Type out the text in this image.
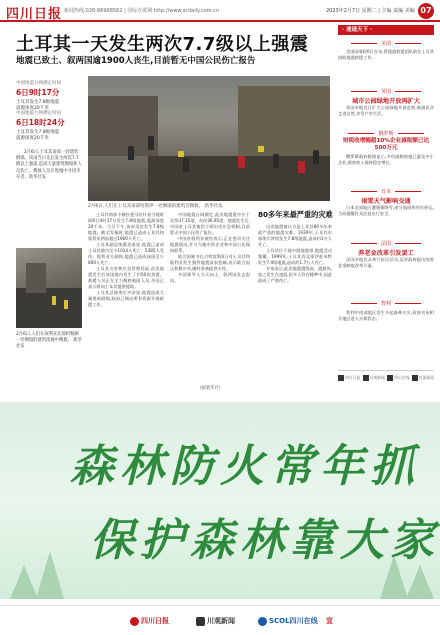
四川日报 新闻热线:028-86968562 | 国际互联网 http://www.scdaily.com.cn	2023年2月7日 星期二 | 主编 责编 美编 07
土耳其一天发生两次7.7级以上强震
地震已致土、叙两国逾1900人丧生,目前暂无中国公民伤亡报告
中国地震台网测定时间
6日9时17分
土耳其发生7.8级地震
震源深度20千米
中国地震台网测定时间
6日18时24分
土耳其发生7.8级地震
震源深度20千米
2月6日,人们在土耳其南部哈塔伊一处倒塌的建筑旁搜救。 新华社发
2月6日,土耳其南部一处建筑倒塌。该国当日先后发生两次7.7级以上强震,造成大量建筑倒塌和人员伤亡。搜救人员在废墟中寻找幸存者。新华社发
2月6日,人们在叙利亚北部阿勒颇一处倒塌的建筑废墟中搜救。 新华社发

土耳其南部卡赫拉曼马拉什省当地时间6日4时17分发生7.8级地震,震源深度20千米。当日下午,该省再次发生7.8级地震。截至发稿时,地震已造成土耳其和叙利亚两国超过1900人死亡。

土耳其副总统奥克泰说,地震已造成土耳其境内至少1014人死亡、5385人受伤。叙利亚方面称,地震已造成该国至少800人死亡。

土耳其灾害和应急管理局说,首次地震发生后该国境内发生了约50次余震。救援人员正在全力搜救被困人员,多国已表示将向土耳其提供援助。

土耳其总统埃尔多安说,地震造成大量建筑倒塌,政府已调动所有资源开展救援工作。

中国地震台网测定,此次地震震中位于北纬37.15度、东经36.95度。地震发生后,中国驻土耳其使馆立即启动应急机制,目前暂无中国公民伤亡报告。

中国驻叙利亚使馆表示,正在密切关注地震情况,并与当地中资企业和中国公民保持联系。

联合国秘书长古特雷斯6日对土耳其和叙利亚发生强烈地震深表悲痛,表示联合国正积极应对,随时准备提供支持。

多国领导人当天向土、叙两国发去慰问。

(据新华社)
80多年来最严重的灾难

这次地震被认为是土耳其80多年来最严重的地震灾难。1939年,土耳其东部埃尔津詹发生7.8级地震,造成约3万人死亡。

土耳其位于地中海地震带,地震活动频繁。1999年,土耳其西北部伊兹米特发生7.4级地震,造成约1.7万人死亡。

专家表示,此次地震震级高、震源浅,加之发生在凌晨,很多人仍在睡梦中,因此造成了严重伤亡。

· 速递天下 ·
美国
美国国务院6日宣布,将派遣救援团队前往土耳其协助地震救援工作。
英国
城市公园绿地开放再扩大
英国多地近日扩大公园绿地开放范围,鼓励民众走进自然,享受户外生活。
俄罗斯
财税收增幅超10%企业减税额已达500万元
俄罗斯政府数据显示,多项减税措施已惠及中小企业,税收收入保持稳定增长。
日本
雨雪天气影响交通
日本北部地区遭遇强降雪,部分航班和列车停运,当局提醒民众注意出行安全。
法国
养老金改革引发罢工
法国多地民众举行抗议活动,反对政府提出的养老金制度改革方案。
智利
智利中南部地区发生多起森林火灾,政府宣布相关地区进入灾难状态。
四川日报	川观新闻	四川在线	封面新闻
森林防火常年抓
保护森林靠大家
四川日报	川观新闻	SCOL四川在线 宣
